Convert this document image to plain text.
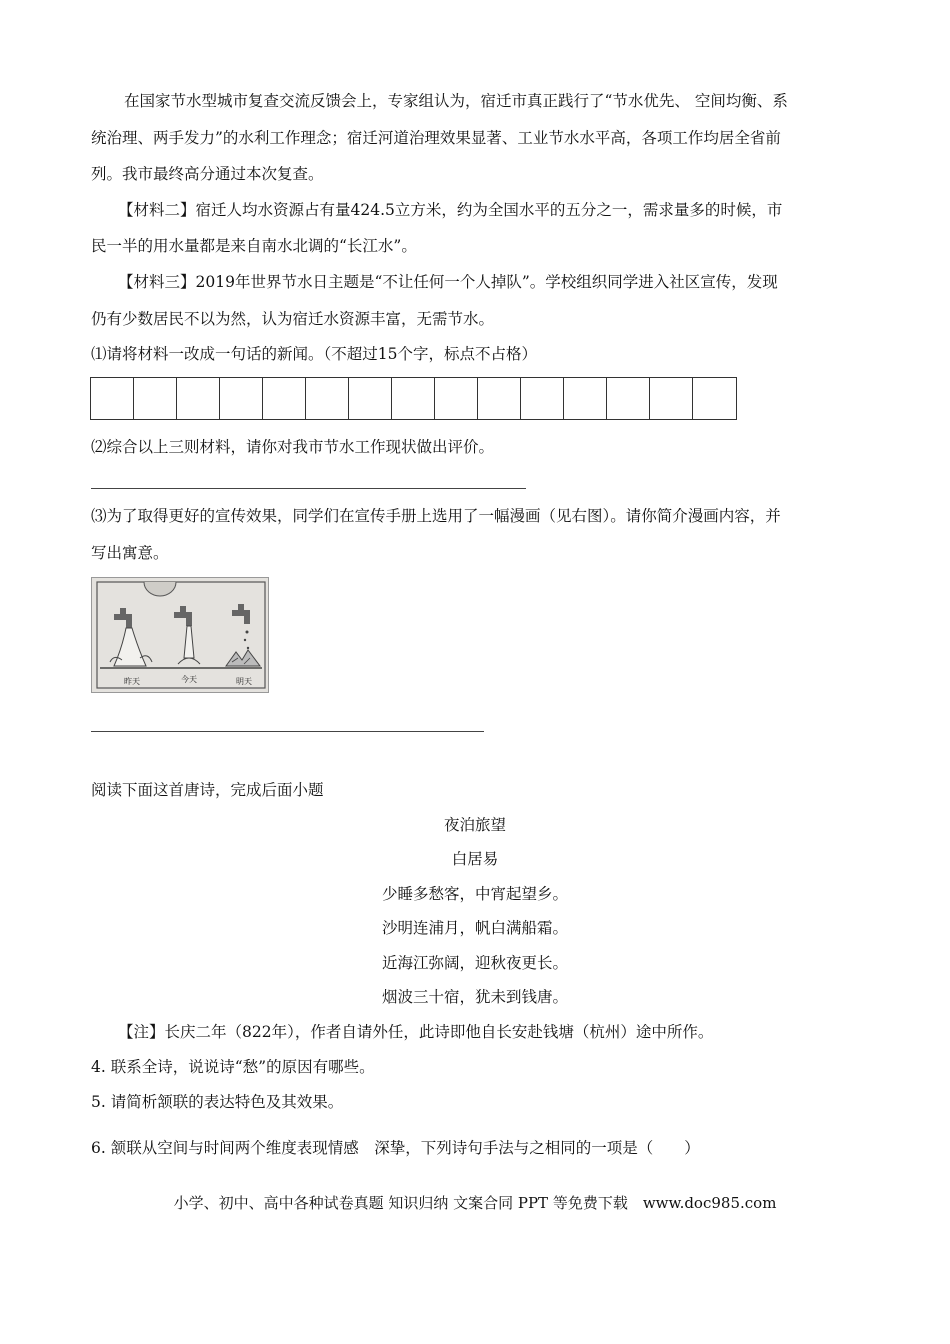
在国家节水型城市复查交流反馈会上，专家组认为，宿迁市真正践行了“节水优先、 空间均衡、系
统治理、两手发力”的水利工作理念；宿迁河道治理效果显著、工业节水水平高，各项工作均居全省前
列。我市最终高分通过本次复查。
【材料二】宿迁人均水资源占有量424.5立方米，约为全国水平的五分之一，需求量多的时候，市
民一半的用水量都是来自南水北调的“长江水”。
【材料三】2019年世界节水日主题是“不让任何一个人掉队”。学校组织同学进入社区宣传，发现
仍有少数居民不以为然，认为宿迁水资源丰富，无需节水。
⑴请将材料一改成一句话的新闻。（不超过15个字，标点不占格）
⑵综合以上三则材料，请你对我市节水工作现状做出评价。
⑶为了取得更好的宣传效果，同学们在宣传手册上选用了一幅漫画（见右图）。请你简介漫画内容，并
写出寓意。
昨天	今天	明天
阅读下面这首唐诗，完成后面小题
夜泊旅望
白居易
少睡多愁客，中宵起望乡。
沙明连浦月，帆白满船霜。
近海江弥阔，迎秋夜更长。
烟波三十宿，犹未到钱唐。
【注】长庆二年（822年），作者自请外任，此诗即他自长安赴钱塘（杭州）途中所作。
4. 联系全诗，说说诗“愁”的原因有哪些。
5. 请简析颔联的表达特色及其效果。
6. 颔联从空间与时间两个维度表现情感　深挚，下列诗句手法与之相同的一项是（　　）
小学、初中、高中各种试卷真题 知识归纳 文案合同 PPT 等免费下载　www.doc985.com
